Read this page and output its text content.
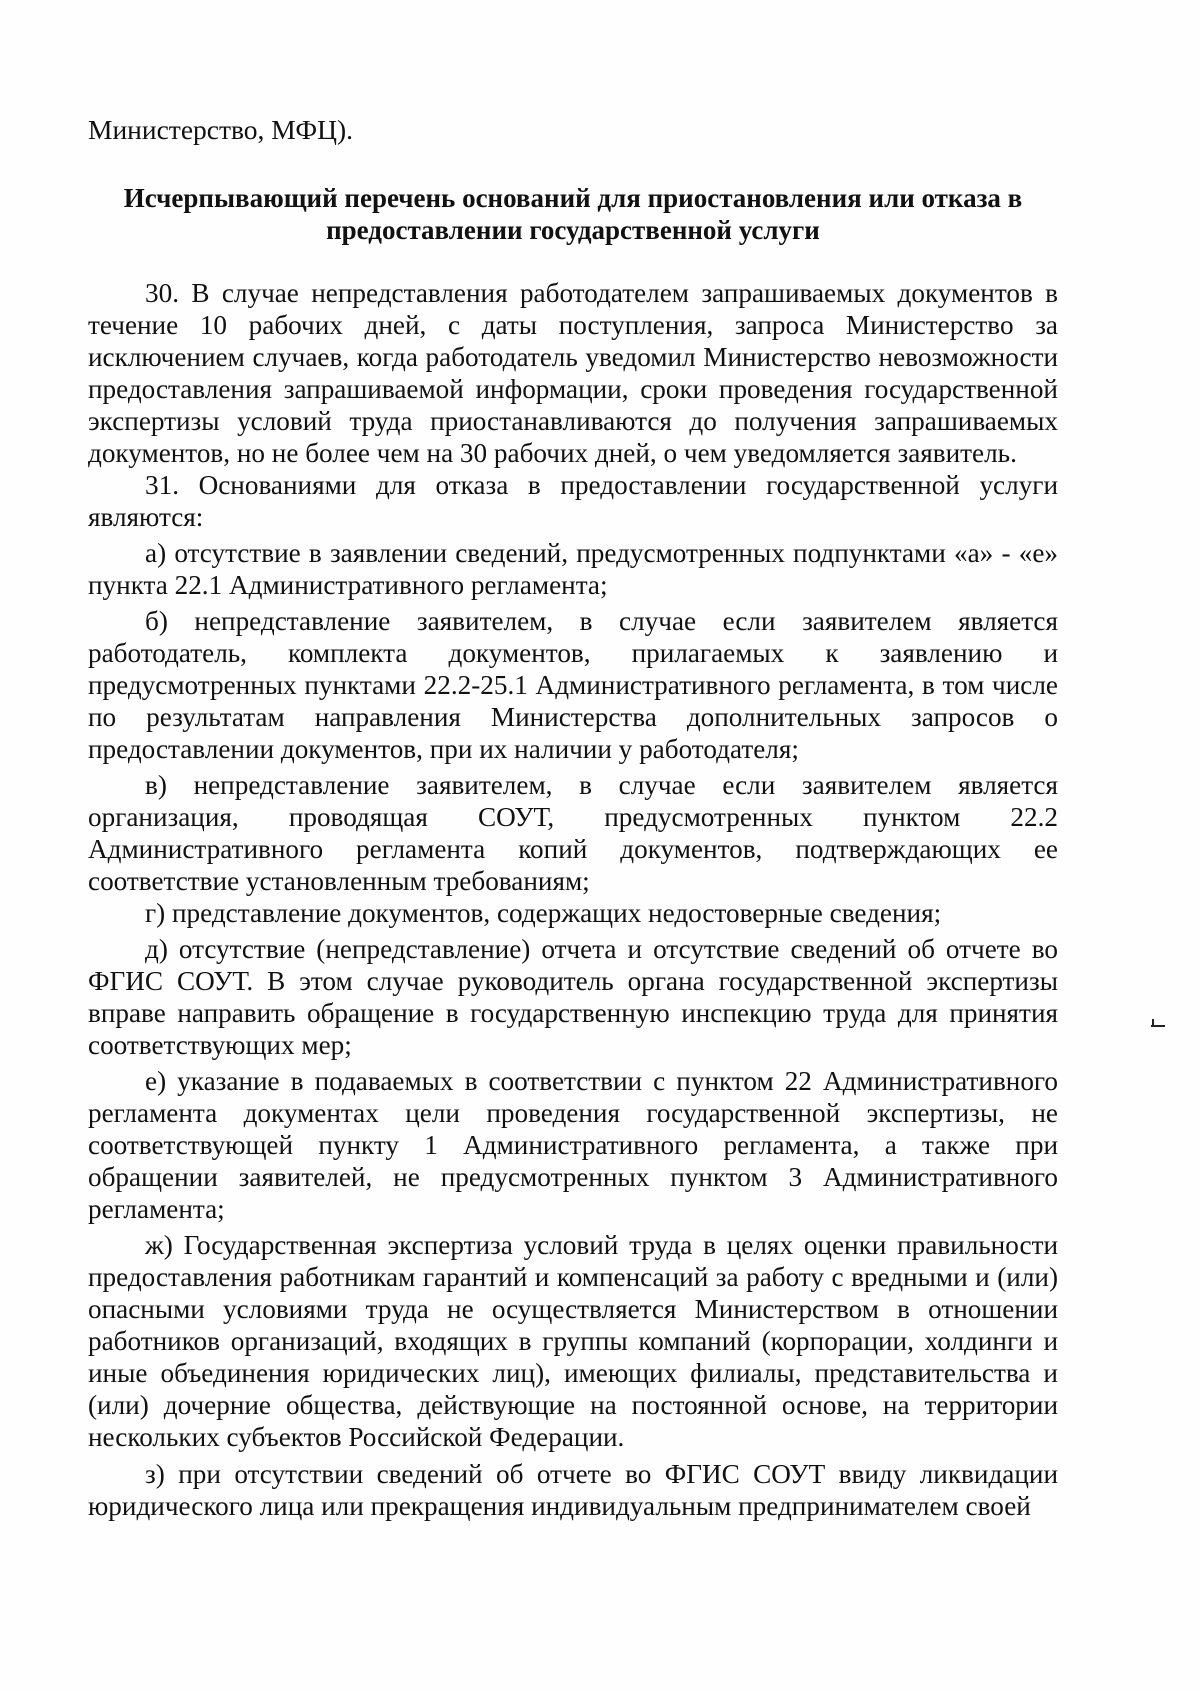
Министерство, МФЦ).
Исчерпывающий перечень оснований для приостановления или отказа в предоставлении государственной услуги

30. В случае непредставления работодателем запрашиваемых документов в течение 10 рабочих дней, с даты поступления, запроса Министерство за исключением случаев, когда работодатель уведомил Министерство невозможности предоставления запрашиваемой информации, сроки проведения государственной экспертизы условий труда приостанавливаются до получения запрашиваемых документов, но не более чем на 30 рабочих дней, о чем уведомляется заявитель.

31. Основаниями для отказа в предоставлении государственной услуги являются:

а) отсутствие в заявлении сведений, предусмотренных подпунктами «а» - «е» пункта 22.1 Административного регламента;

б) непредставление заявителем, в случае если заявителем является работодатель, комплекта документов, прилагаемых к заявлению и предусмотренных пунктами 22.2-25.1 Административного регламента, в том числе по результатам направления Министерства дополнительных запросов о предоставлении документов, при их наличии у работодателя;

в) непредставление заявителем, в случае если заявителем является организация, проводящая СОУТ, предусмотренных пунктом 22.2 Административного регламента копий документов, подтверждающих ее соответствие установленным требованиям;

г) представление документов, содержащих недостоверные сведения;

д) отсутствие (непредставление) отчета и отсутствие сведений об отчете во ФГИС СОУТ. В этом случае руководитель органа государственной экспертизы вправе направить обращение в государственную инспекцию труда для принятия соответствующих мер;

е) указание в подаваемых в соответствии с пунктом 22 Административного регламента документах цели проведения государственной экспертизы, не соответствующей пункту 1 Административного регламента, а также при обращении заявителей, не предусмотренных пунктом 3 Административного регламента;

ж) Государственная экспертиза условий труда в целях оценки правильности предоставления работникам гарантий и компенсаций за работу с вредными и (или) опасными условиями труда не осуществляется Министерством в отношении работников организаций, входящих в группы компаний (корпорации, холдинги и иные объединения юридических лиц), имеющих филиалы, представительства и (или) дочерние общества, действующие на постоянной основе, на территории нескольких субъектов Российской Федерации.

з) при отсутствии сведений об отчете во ФГИС СОУТ ввиду ликвидации юридического лица или прекращения индивидуальным предпринимателем своей
